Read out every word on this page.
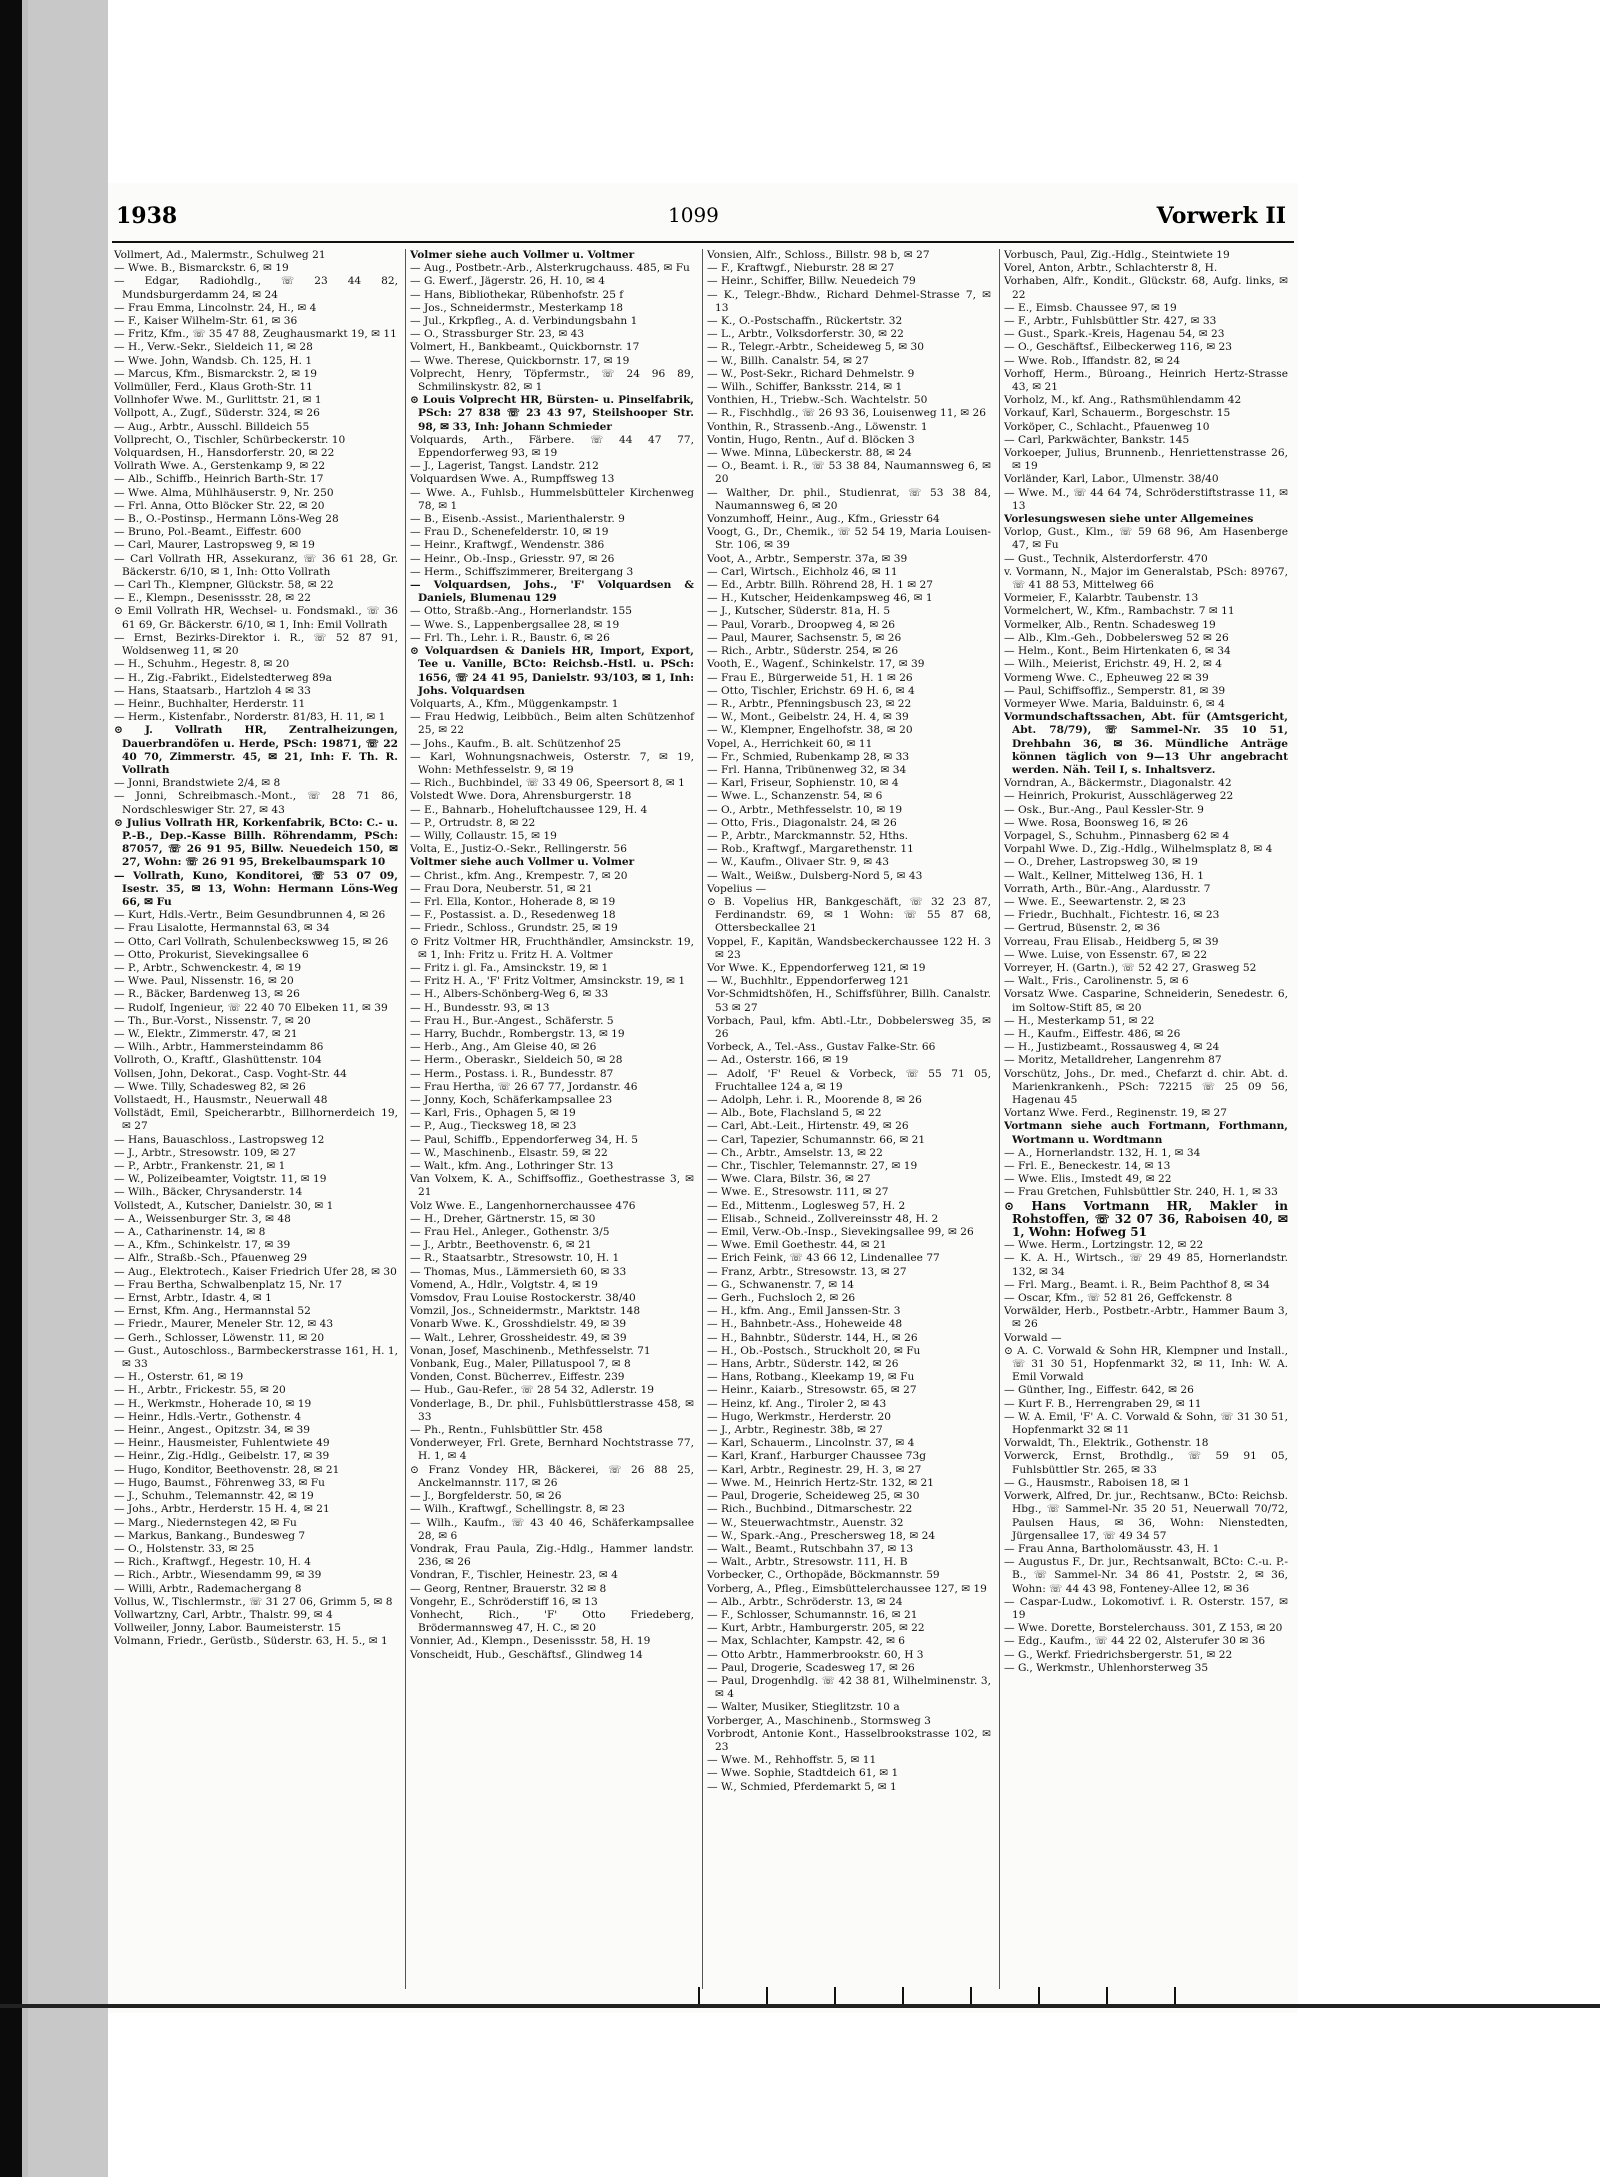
1938	1099	Vorwerk II

Vollmert, Ad., Malermstr., Schulweg 21

— Wwe. B., Bismarckstr. 6, ✉ 19

— Edgar, Radiohdlg., ☏ 23 44 82, Mundsburgerdamm 24, ✉ 24

— Frau Emma, Lincolnstr. 24, H., ✉ 4

— F., Kaiser Wilhelm-Str. 61, ✉ 36

— Fritz, Kfm., ☏ 35 47 88, Zeughausmarkt 19, ✉ 11

— H., Verw.-Sekr., Sieldeich 11, ✉ 28

— Wwe. John, Wandsb. Ch. 125, H. 1

— Marcus, Kfm., Bismarckstr. 2, ✉ 19

Vollmüller, Ferd., Klaus Groth-Str. 11

Vollnhofer Wwe. M., Gurlittstr. 21, ✉ 1

Vollpott, A., Zugf., Süderstr. 324, ✉ 26

— Aug., Arbtr., Ausschl. Billdeich 55

Vollprecht, O., Tischler, Schürbeckerstr. 10

Volquardsen, H., Hansdorferstr. 20, ✉ 22

Vollrath Wwe. A., Gerstenkamp 9, ✉ 22

— Alb., Schiffb., Heinrich Barth-Str. 17

— Wwe. Alma, Mühlhäuserstr. 9, Nr. 250

— Frl. Anna, Otto Blöcker Str. 22, ✉ 20

— B., O.-Postinsp., Hermann Löns-Weg 28

— Bruno, Pol.-Beamt., Eiffestr. 600

— Carl, Maurer, Lastropsweg 9, ✉ 19

— Carl Vollrath HR, Assekuranz, ☏ 36 61 28, Gr. Bäckerstr. 6/10, ✉ 1, Inh: Otto Vollrath

— Carl Th., Klempner, Glückstr. 58, ✉ 22

— E., Klempn., Desenissstr. 28, ✉ 22

⊙ Emil Vollrath HR, Wechsel- u. Fondsmakl., ☏ 36 61 69, Gr. Bäckerstr. 6/10, ✉ 1, Inh: Emil Vollrath

— Ernst, Bezirks-Direktor i. R., ☏ 52 87 91, Woldsenweg 11, ✉ 20

— H., Schuhm., Hegestr. 8, ✉ 20

— H., Zig.-Fabrikt., Eidelstedterweg 89a

— Hans, Staatsarb., Hartzloh 4 ✉ 33

— Heinr., Buchhalter, Herderstr. 11

— Herm., Kistenfabr., Norderstr. 81/83, H. 11, ✉ 1

⊙ J. Vollrath HR, Zentralheizungen, Dauerbrandöfen u. Herde, PSch: 19871, ☏ 22 40 70, Zimmerstr. 45, ✉ 21, Inh: F. Th. R. Vollrath

— Jonni, Brandstwiete 2/4, ✉ 8

— Jonni, Schreibmasch.-Mont., ☏ 28 71 86, Nordschleswiger Str. 27, ✉ 43

⊙ Julius Vollrath HR, Korkenfabrik, BCto: C.- u. P.-B., Dep.-Kasse Billh. Röhrendamm, PSch: 87057, ☏ 26 91 95, Billw. Neuedeich 150, ✉ 27, Wohn: ☏ 26 91 95, Brekelbaumspark 10

— Vollrath, Kuno, Konditorei, ☏ 53 07 09, Isestr. 35, ✉ 13, Wohn: Hermann Löns-Weg 66, ✉ Fu

— Kurt, Hdls.-Vertr., Beim Gesundbrunnen 4, ✉ 26

— Frau Lisalotte, Hermannstal 63, ✉ 34

— Otto, Carl Vollrath, Schulenbeckswweg 15, ✉ 26

— Otto, Prokurist, Sievekingsallee 6

— P., Arbtr., Schwenckestr. 4, ✉ 19

— Wwe. Paul, Nissenstr. 16, ✉ 20

— R., Bäcker, Bardenweg 13, ✉ 26

— Rudolf, Ingenieur, ☏ 22 40 70 Elbeken 11, ✉ 39

— Th., Bur.-Vorst., Nissenstr. 7, ✉ 20

— W., Elektr., Zimmerstr. 47, ✉ 21

— Wilh., Arbtr., Hammersteindamm 86

Vollroth, O., Kraftf., Glashüttenstr. 104

Vollsen, John, Dekorat., Casp. Voght-Str. 44

— Wwe. Tilly, Schadesweg 82, ✉ 26

Vollstaedt, H., Hausmstr., Neuerwall 48

Vollstädt, Emil, Speicherarbtr., Billhornerdeich 19, ✉ 27

— Hans, Bauaschloss., Lastropsweg 12

— J., Arbtr., Stresowstr. 109, ✉ 27

— P., Arbtr., Frankenstr. 21, ✉ 1

— W., Polizeibeamter, Voigtstr. 11, ✉ 19

— Wilh., Bäcker, Chrysanderstr. 14

Vollstedt, A., Kutscher, Danielstr. 30, ✉ 1

— A., Weissenburger Str. 3, ✉ 48

— A., Catharinenstr. 14, ✉ 8

— A., Kfm., Schinkelstr. 17, ✉ 39

— Alfr., Straßb.-Sch., Pfauenweg 29

— Aug., Elektrotech., Kaiser Friedrich Ufer 28, ✉ 30

— Frau Bertha, Schwalbenplatz 15, Nr. 17

— Ernst, Arbtr., Idastr. 4, ✉ 1

— Ernst, Kfm. Ang., Hermannstal 52

— Friedr., Maurer, Meneler Str. 12, ✉ 43

— Gerh., Schlosser, Löwenstr. 11, ✉ 20

— Gust., Autoschloss., Barmbeckerstrasse 161, H. 1, ✉ 33

— H., Osterstr. 61, ✉ 19

— H., Arbtr., Frickestr. 55, ✉ 20

— H., Werkmstr., Hoherade 10, ✉ 19

— Heinr., Hdls.-Vertr., Gothenstr. 4

— Heinr., Angest., Opitzstr. 34, ✉ 39

— Heinr., Hausmeister, Fuhlentwiete 49

— Heinr., Zig.-Hdlg., Geibelstr. 17, ✉ 39

— Hugo, Konditor, Beethovenstr. 28, ✉ 21

— Hugo, Baumst., Föhrenweg 33, ✉ Fu

— J., Schuhm., Telemannstr. 42, ✉ 19

— Johs., Arbtr., Herderstr. 15 H. 4, ✉ 21

— Marg., Niedernstegen 42, ✉ Fu

— Markus, Bankang., Bundesweg 7

— O., Holstenstr. 33, ✉ 25

— Rich., Kraftwgf., Hegestr. 10, H. 4

— Rich., Arbtr., Wiesendamm 99, ✉ 39

— Willi, Arbtr., Rademachergang 8

Vollus, W., Tischlermstr., ☏ 31 27 06, Grimm 5, ✉ 8

Vollwartzny, Carl, Arbtr., Thalstr. 99, ✉ 4

Vollweiler, Jonny, Labor. Baumeisterstr. 15

Volmann, Friedr., Gerüstb., Süderstr. 63, H. 5., ✉ 1

Volmer siehe auch Vollmer u. Voltmer

— Aug., Postbetr.-Arb., Alsterkrugchauss. 485, ✉ Fu

— G. Ewerf., Jägerstr. 26, H. 10, ✉ 4

— Hans, Bibliothekar, Rübenhofstr. 25 f

— Jos., Schneidermstr., Mesterkamp 18

— Jul., Krkpfleg., A. d. Verbindungsbahn 1

— O., Strassburger Str. 23, ✉ 43

Volmert, H., Bankbeamt., Quickbornstr. 17

— Wwe. Therese, Quickbornstr. 17, ✉ 19

Volprecht, Henry, Töpfermstr., ☏ 24 96 89, Schmilinskystr. 82, ✉ 1

⊙ Louis Volprecht HR, Bürsten- u. Pinselfabrik, PSch: 27 838 ☏ 23 43 97, Steilshooper Str. 98, ✉ 33, Inh: Johann Schmieder

Volquards, Arth., Färbere. ☏ 44 47 77, Eppendorferweg 93, ✉ 19

— J., Lagerist, Tangst. Landstr. 212

Volquardsen Wwe. A., Rumpffsweg 13

— Wwe. A., Fuhlsb., Hummelsbütteler Kirchenweg 78, ✉ 1

— B., Eisenb.-Assist., Marienthalerstr. 9

— Frau D., Schenefelderstr. 10, ✉ 19

— Heinr., Kraftwgf., Wendenstr. 386

— Heinr., Ob.-Insp., Griesstr. 97, ✉ 26

— Herm., Schiffszimmerer, Breitergang 3

— Volquardsen, Johs., 'F' Volquardsen & Daniels, Blumenau 129

— Otto, Straßb.-Ang., Hornerlandstr. 155

— Wwe. S., Lappenbergsallee 28, ✉ 19

— Frl. Th., Lehr. i. R., Baustr. 6, ✉ 26

⊙ Volquardsen & Daniels HR, Import, Export, Tee u. Vanille, BCto: Reichsb.-Hstl. u. PSch: 1656, ☏ 24 41 95, Danielstr. 93/103, ✉ 1, Inh: Johs. Volquardsen

Volquarts, A., Kfm., Müggenkampstr. 1

— Frau Hedwig, Leibbüch., Beim alten Schützenhof 25, ✉ 22

— Johs., Kaufm., B. alt. Schützenhof 25

— Karl, Wohnungsnachweis, Osterstr. 7, ✉ 19, Wohn: Methfesselstr. 9, ✉ 19

— Rich., Buchbindel, ☏ 33 49 06, Speersort 8, ✉ 1

Volstedt Wwe. Dora, Ahrensburgerstr. 18

— E., Bahnarb., Hoheluftchaussee 129, H. 4

— P., Ortrudstr. 8, ✉ 22

— Willy, Collaustr. 15, ✉ 19

Volta, E., Justiz-O.-Sekr., Rellingerstr. 56

Voltmer siehe auch Vollmer u. Volmer

— Christ., kfm. Ang., Krempestr. 7, ✉ 20

— Frau Dora, Neuberstr. 51, ✉ 21

— Frl. Ella, Kontor., Hoherade 8, ✉ 19

— F., Postassist. a. D., Resedenweg 18

— Friedr., Schloss., Grundstr. 25, ✉ 19

⊙ Fritz Voltmer HR, Fruchthändler, Amsinckstr. 19, ✉ 1, Inh: Fritz u. Fritz H. A. Voltmer

— Fritz i. gl. Fa., Amsinckstr. 19, ✉ 1

— Fritz H. A., 'F' Fritz Voltmer, Amsinckstr. 19, ✉ 1

— H., Albers-Schönberg-Weg 6, ✉ 33

— H., Bundesstr. 93, ✉ 13

— Frau H., Bur.-Angest., Schäferstr. 5

— Harry, Buchdr., Rombergstr. 13, ✉ 19

— Herb., Ang., Am Gleise 40, ✉ 26

— Herm., Oberaskr., Sieldeich 50, ✉ 28

— Herm., Postass. i. R., Bundesstr. 87

— Frau Hertha, ☏ 26 67 77, Jordanstr. 46

— Jonny, Koch, Schäferkampsallee 23

— Karl, Fris., Ophagen 5, ✉ 19

— P., Aug., Tiecksweg 18, ✉ 23

— Paul, Schiffb., Eppendorferweg 34, H. 5

— W., Maschinenb., Elsastr. 59, ✉ 22

— Walt., kfm. Ang., Lothringer Str. 13

Van Volxem, K. A., Schiffsoffiz., Goethestrasse 3, ✉ 21

Volz Wwe. E., Langenhornerchaussee 476

— H., Dreher, Gärtnerstr. 15, ✉ 30

— Frau Hel., Anleger., Gothenstr. 3/5

— J., Arbtr., Beethovenstr. 6, ✉ 21

— R., Staatsarbtr., Stresowstr. 10, H. 1

— Thomas, Mus., Lämmersieth 60, ✉ 33

Vomend, A., Hdlr., Volgtstr. 4, ✉ 19

Vomsdov, Frau Louise Rostockerstr. 38/40

Vomzil, Jos., Schneidermstr., Marktstr. 148

Vonarb Wwe. K., Grosshdielstr. 49, ✉ 39

— Walt., Lehrer, Grossheidestr. 49, ✉ 39

Vonan, Josef, Maschinenb., Methfesselstr. 71

Vonbank, Eug., Maler, Pillatuspool 7, ✉ 8

Vonden, Const. Bücherrev., Eiffestr. 239

— Hub., Gau-Refer., ☏ 28 54 32, Adlerstr. 19

Vonderlage, B., Dr. phil., Fuhlsbüttlerstrasse 458, ✉ 33

— Ph., Rentn., Fuhlsbüttler Str. 458

Vonderweyer, Frl. Grete, Bernhard Nochtstrasse 77, H. 1, ✉ 4

⊙ Franz Vondey HR, Bäckerei, ☏ 26 88 25, Anckelmannstr. 117, ✉ 26

— J., Borgfelderstr. 50, ✉ 26

— Wilh., Kraftwgf., Schellingstr. 8, ✉ 23

— Wilh., Kaufm., ☏ 43 40 46, Schäferkampsallee 28, ✉ 6

Vondrak, Frau Paula, Zig.-Hdlg., Hammer landstr. 236, ✉ 26

Vondran, F., Tischler, Heinestr. 23, ✉ 4

— Georg, Rentner, Brauerstr. 32 ✉ 8

Vongehr, E., Schröderstiff 16, ✉ 13

Vonhecht, Rich., 'F' Otto Friedeberg, Brödermannsweg 47, H. C., ✉ 20

Vonnier, Ad., Klempn., Desenissstr. 58, H. 19

Vonscheidt, Hub., Geschäftsf., Glindweg 14

Vonsien, Alfr., Schloss., Billstr. 98 b, ✉ 27

— F., Kraftwgf., Nieburstr. 28 ✉ 27

— Heinr., Schiffer, Billw. Neuedeich 79

— K., Telegr.-Bhdw., Richard Dehmel-Strasse 7, ✉ 13

— K., O.-Postschaffn., Rückertstr. 32

— L., Arbtr., Volksdorferstr. 30, ✉ 22

— R., Telegr.-Arbtr., Scheideweg 5, ✉ 30

— W., Billh. Canalstr. 54, ✉ 27

— W., Post-Sekr., Richard Dehmelstr. 9

— Wilh., Schiffer, Banksstr. 214, ✉ 1

Vonthien, H., Triebw.-Sch. Wachtelstr. 50

— R., Fischhdlg., ☏ 26 93 36, Louisenweg 11, ✉ 26

Vonthin, R., Strassenb.-Ang., Löwenstr. 1

Vontin, Hugo, Rentn., Auf d. Blöcken 3

— Wwe. Minna, Lübeckerstr. 88, ✉ 24

— O., Beamt. i. R., ☏ 53 38 84, Naumannsweg 6, ✉ 20

— Walther, Dr. phil., Studienrat, ☏ 53 38 84, Naumannsweg 6, ✉ 20

Vonzumhoff, Heinr., Aug., Kfm., Griesstr 64

Voogt, G., Dr., Chemik., ☏ 52 54 19, Maria Louisen-Str. 106, ✉ 39

Voot, A., Arbtr., Semperstr. 37a, ✉ 39

— Carl, Wirtsch., Eichholz 46, ✉ 11

— Ed., Arbtr. Billh. Röhrend 28, H. 1 ✉ 27

— H., Kutscher, Heidenkampsweg 46, ✉ 1

— J., Kutscher, Süderstr. 81a, H. 5

— Paul, Vorarb., Droopweg 4, ✉ 26

— Paul, Maurer, Sachsenstr. 5, ✉ 26

— Rich., Arbtr., Süderstr. 254, ✉ 26

Vooth, E., Wagenf., Schinkelstr. 17, ✉ 39

— Frau E., Bürgerweide 51, H. 1 ✉ 26

— Otto, Tischler, Erichstr. 69 H. 6, ✉ 4

— R., Arbtr., Pfenningsbusch 23, ✉ 22

— W., Mont., Geibelstr. 24, H. 4, ✉ 39

— W., Klempner, Engelhofstr. 38, ✉ 20

Vopel, A., Herrichkeit 60, ✉ 11

— Fr., Schmied, Rubenkamp 28, ✉ 33

— Frl. Hanna, Tribünenweg 32, ✉ 34

— Karl, Friseur, Sophienstr. 10, ✉ 4

— Wwe. L., Schanzenstr. 54, ✉ 6

— O., Arbtr., Methfesselstr. 10, ✉ 19

— Otto, Fris., Diagonalstr. 24, ✉ 26

— P., Arbtr., Marckmannstr. 52, Hths.

— Rob., Kraftwgf., Margarethenstr. 11

— W., Kaufm., Olivaer Str. 9, ✉ 43

— Walt., Weißw., Dulsberg-Nord 5, ✉ 43

Vopelius —

⊙ B. Vopelius HR, Bankgeschäft, ☏ 32 23 87, Ferdinandstr. 69, ✉ 1 Wohn: ☏ 55 87 68, Ottersbeckallee 21

Voppel, F., Kapitän, Wandsbeckerchaussee 122 H. 3 ✉ 23

Vor Wwe. K., Eppendorferweg 121, ✉ 19

— W., Buchhltr., Eppendorferweg 121

Vor-Schmidtshöfen, H., Schiffsführer, Billh. Canalstr. 53 ✉ 27

Vorbach, Paul, kfm. Abtl.-Ltr., Dobbelersweg 35, ✉ 26

Vorbeck, A., Tel.-Ass., Gustav Falke-Str. 66

— Ad., Osterstr. 166, ✉ 19

— Adolf, 'F' Reuel & Vorbeck, ☏ 55 71 05, Fruchtallee 124 a, ✉ 19

— Adolph, Lehr. i. R., Moorende 8, ✉ 26

— Alb., Bote, Flachsland 5, ✉ 22

— Carl, Abt.-Leit., Hirtenstr. 49, ✉ 26

— Carl, Tapezier, Schumannstr. 66, ✉ 21

— Ch., Arbtr., Amselstr. 13, ✉ 22

— Chr., Tischler, Telemannstr. 27, ✉ 19

— Wwe. Clara, Bilstr. 36, ✉ 27

— Wwe. E., Stresowstr. 111, ✉ 27

— Ed., Mittenm., Loglesweg 57, H. 2

— Elisab., Schneid., Zollvereinsstr 48, H. 2

— Emil, Verw.-Ob.-Insp., Sievekingsallee 99, ✉ 26

— Wwe. Emil Goethestr. 44, ✉ 21

— Erich Feink, ☏ 43 66 12, Lindenallee 77

— Franz, Arbtr., Stresowstr. 13, ✉ 27

— G., Schwanenstr. 7, ✉ 14

— Gerh., Fuchsloch 2, ✉ 26

— H., kfm. Ang., Emil Janssen-Str. 3

— H., Bahnbetr.-Ass., Hoheweide 48

— H., Bahnbtr., Süderstr. 144, H., ✉ 26

— H., Ob.-Postsch., Struckholt 20, ✉ Fu

— Hans, Arbtr., Süderstr. 142, ✉ 26

— Hans, Rotbang., Kleekamp 19, ✉ Fu

— Heinr., Kaiarb., Stresowstr. 65, ✉ 27

— Heinz, kf. Ang., Tiroler 2, ✉ 43

— Hugo, Werkmstr., Herderstr. 20

— J., Arbtr., Reginestr. 38b, ✉ 27

— Karl, Schauerm., Lincolnstr. 37, ✉ 4

— Karl, Kranf., Harburger Chaussee 73g

— Karl, Arbtr., Reginestr. 29, H. 3, ✉ 27

— Wwe. M., Heinrich Hertz-Str. 132, ✉ 21

— Paul, Drogerie, Scheideweg 25, ✉ 30

— Rich., Buchbind., Ditmarschestr. 22

— W., Steuerwachtmstr., Auenstr. 32

— W., Spark.-Ang., Preschersweg 18, ✉ 24

— Walt., Beamt., Rutschbahn 37, ✉ 13

— Walt., Arbtr., Stresowstr. 111, H. B

Vorbecker, C., Orthopäde, Böckmannstr. 59

Vorberg, A., Pfleg., Eimsbüttelerchaussee 127, ✉ 19

— Alb., Arbtr., Schröderstr. 13, ✉ 24

— F., Schlosser, Schumannstr. 16, ✉ 21

— Kurt, Arbtr., Hamburgerstr. 205, ✉ 22

— Max, Schlachter, Kampstr. 42, ✉ 6

— Otto Arbtr., Hammerbrookstr. 60, H 3

— Paul, Drogerie, Scadesweg 17, ✉ 26

— Paul, Drogenhdlg. ☏ 42 38 81, Wilhelminenstr. 3, ✉ 4

— Walter, Musiker, Stieglitzstr. 10 a

Vorberger, A., Maschinenb., Stormsweg 3

Vorbrodt, Antonie Kont., Hasselbrookstrasse 102, ✉ 23

— Wwe. M., Rehhoffstr. 5, ✉ 11

— Wwe. Sophie, Stadtdeich 61, ✉ 1

— W., Schmied, Pferdemarkt 5, ✉ 1

Vorbusch, Paul, Zig.-Hdlg., Steintwiete 19

Vorel, Anton, Arbtr., Schlachterstr 8, H.

Vorhaben, Alfr., Kondit., Glückstr. 68, Aufg. links, ✉ 22

— E., Eimsb. Chaussee 97, ✉ 19

— F., Arbtr., Fuhlsbüttler Str. 427, ✉ 33

— Gust., Spark.-Kreis, Hagenau 54, ✉ 23

— O., Geschäftsf., Eilbeckerweg 116, ✉ 23

— Wwe. Rob., Iffandstr. 82, ✉ 24

Vorhoff, Herm., Büroang., Heinrich Hertz-Strasse 43, ✉ 21

Vorholz, M., kf. Ang., Rathsmühlendamm 42

Vorkauf, Karl, Schauerm., Borgeschstr. 15

Vorköper, C., Schlacht., Pfauenweg 10

— Carl, Parkwächter, Bankstr. 145

Vorkoeper, Julius, Brunnenb., Henriettenstrasse 26, ✉ 19

Vorländer, Karl, Labor., Ulmenstr. 38/40

— Wwe. M., ☏ 44 64 74, Schröderstiftstrasse 11, ✉ 13

Vorlesungswesen siehe unter Allgemeines

Vorlop, Gust., Klm., ☏ 59 68 96, Am Hasenberge 47, ✉ Fu

— Gust., Technik, Alsterdorferstr. 470

v. Vormann, N., Major im Generalstab, PSch: 89767, ☏ 41 88 53, Mittelweg 66

Vormeier, F., Kalarbtr. Taubenstr. 13

Vormelchert, W., Kfm., Rambachstr. 7 ✉ 11

Vormelker, Alb., Rentn. Schadesweg 19

— Alb., Klm.-Geh., Dobbelersweg 52 ✉ 26

— Helm., Kont., Beim Hirtenkaten 6, ✉ 34

— Wilh., Meierist, Erichstr. 49, H. 2, ✉ 4

Vormeng Wwe. C., Epheuweg 22 ✉ 39

— Paul, Schiffsoffiz., Semperstr. 81, ✉ 39

Vormeyer Wwe. Maria, Balduinstr. 6, ✉ 4

Vormundschaftssachen, Abt. für (Amtsgericht, Abt. 78/79), ☏ Sammel-Nr. 35 10 51, Drehbahn 36, ✉ 36. Mündliche Anträge können täglich von 9—13 Uhr angebracht werden. Näh. Teil I, s. Inhaltsverz.

Vorndran, A., Bäckermstr., Diagonalstr. 42

— Heinrich, Prokurist, Ausschlägerweg 22

— Osk., Bur.-Ang., Paul Kessler-Str. 9

— Wwe. Rosa, Boonsweg 16, ✉ 26

Vorpagel, S., Schuhm., Pinnasberg 62 ✉ 4

Vorpahl Wwe. D., Zig.-Hdlg., Wilhelmsplatz 8, ✉ 4

— O., Dreher, Lastropsweg 30, ✉ 19

— Walt., Kellner, Mittelweg 136, H. 1

Vorrath, Arth., Bür.-Ang., Alardusstr. 7

— Wwe. E., Seewartenstr. 2, ✉ 23

— Friedr., Buchhalt., Fichtestr. 16, ✉ 23

— Gertrud, Büsenstr. 2, ✉ 36

Vorreau, Frau Elisab., Heidberg 5, ✉ 39

— Wwe. Luise, von Essenstr. 67, ✉ 22

Vorreyer, H. (Gartn.), ☏ 52 42 27, Grasweg 52

— Walt., Fris., Carolinenstr. 5, ✉ 6

Vorsatz Wwe. Casparine, Schneiderin, Senedestr. 6, im Soltow-Stift 85, ✉ 20

— H., Mesterkamp 51, ✉ 22

— H., Kaufm., Eiffestr. 486, ✉ 26

— H., Justizbeamt., Rossausweg 4, ✉ 24

— Moritz, Metalldreher, Langenrehm 87

Vorschütz, Johs., Dr. med., Chefarzt d. chir. Abt. d. Marienkrankenh., PSch: 72215 ☏ 25 09 56, Hagenau 45

Vortanz Wwe. Ferd., Reginenstr. 19, ✉ 27

Vortmann siehe auch Fortmann, Forthmann, Wortmann u. Wordtmann

— A., Hornerlandstr. 132, H. 1, ✉ 34

— Frl. E., Beneckestr. 14, ✉ 13

— Wwe. Elis., Imstedt 49, ✉ 22

— Frau Gretchen, Fuhlsbüttler Str. 240, H. 1, ✉ 33

⊙ Hans Vortmann HR, Makler in Rohstoffen, ☏ 32 07 36, Raboisen 40, ✉ 1, Wohn: Hofweg 51

— Wwe. Herm., Lortzingstr. 12, ✉ 22

— K. A. H., Wirtsch., ☏ 29 49 85, Hornerlandstr. 132, ✉ 34

— Frl. Marg., Beamt. i. R., Beim Pachthof 8, ✉ 34

— Oscar, Kfm., ☏ 52 81 26, Geffckenstr. 8

Vorwälder, Herb., Postbetr.-Arbtr., Hammer Baum 3, ✉ 26

Vorwald —

⊙ A. C. Vorwald & Sohn HR, Klempner und Install., ☏ 31 30 51, Hopfenmarkt 32, ✉ 11, Inh: W. A. Emil Vorwald

— Günther, Ing., Eiffestr. 642, ✉ 26

— Kurt F. B., Herrengraben 29, ✉ 11

— W. A. Emil, 'F' A. C. Vorwald & Sohn, ☏ 31 30 51, Hopfenmarkt 32 ✉ 11

Vorwaldt, Th., Elektrik., Gothenstr. 18

Vorwerck, Ernst, Brothdlg., ☏ 59 91 05, Fuhlsbüttler Str. 265, ✉ 33

— G., Hausmstr., Raboisen 18, ✉ 1

Vorwerk, Alfred, Dr. jur., Rechtsanw., BCto: Reichsb. Hbg., ☏ Sammel-Nr. 35 20 51, Neuerwall 70/72, Paulsen Haus, ✉ 36, Wohn: Nienstedten, Jürgensallee 17, ☏ 49 34 57

— Frau Anna, Bartholomäusstr. 43, H. 1

— Augustus F., Dr. jur., Rechtsanwalt, BCto: C.-u. P.-B., ☏ Sammel-Nr. 34 86 41, Poststr. 2, ✉ 36, Wohn: ☏ 44 43 98, Fonteney-Allee 12, ✉ 36

— Caspar-Ludw., Lokomotivf. i. R. Osterstr. 157, ✉ 19

— Wwe. Dorette, Borstelerchauss. 301, Z 153, ✉ 20

— Edg., Kaufm., ☏ 44 22 02, Alsterufer 30 ✉ 36

— G., Werkf. Friedrichsbergerstr. 51, ✉ 22

— G., Werkmstr., Uhlenhorsterweg 35
